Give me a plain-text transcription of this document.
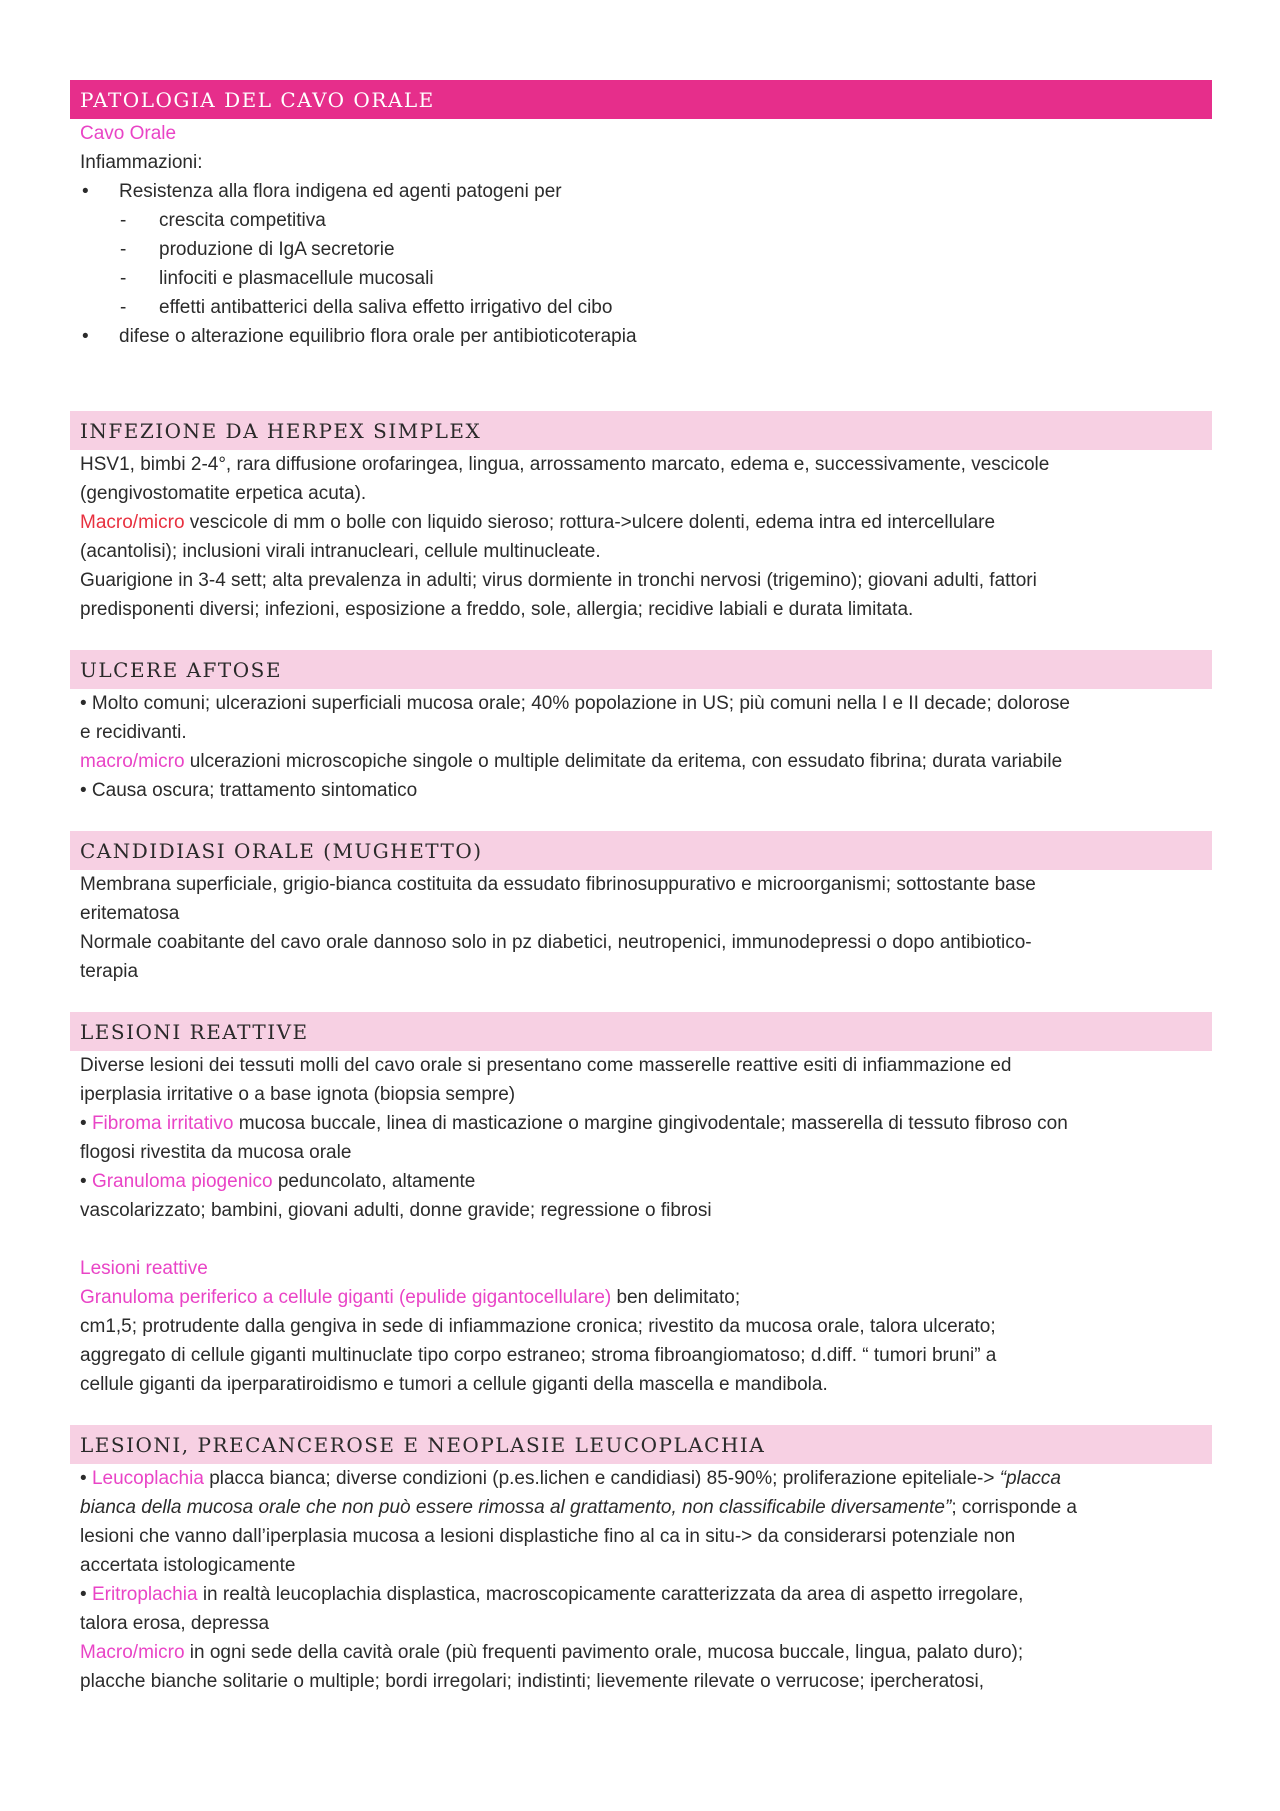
PATOLOGIA DEL CAVO ORALE
Cavo Orale
Infiammazioni:
•	Resistenza alla flora indigena ed agenti patogeni per
-	crescita competitiva
-	produzione di IgA secretorie
-	linfociti e plasmacellule mucosali
-	effetti antibatterici della saliva effetto irrigativo del cibo
•	difese o alterazione equilibrio flora orale per antibioticoterapia
INFEZIONE DA HERPEX SIMPLEX
HSV1, bimbi 2-4°, rara diffusione orofaringea, lingua, arrossamento marcato, edema e, successivamente, vescicole
(gengivostomatite erpetica acuta).
Macro/micro vescicole di mm o bolle con liquido sieroso; rottura->ulcere dolenti, edema intra ed intercellulare
(acantolisi); inclusioni virali intranucleari, cellule multinucleate.
Guarigione in 3-4 sett; alta prevalenza in adulti; virus dormiente in tronchi nervosi (trigemino); giovani adulti, fattori
predisponenti diversi; infezioni, esposizione a freddo, sole, allergia; recidive labiali e durata limitata.
ULCERE AFTOSE
• Molto comuni; ulcerazioni superficiali mucosa orale; 40% popolazione in US; più comuni nella I e II decade; dolorose
e recidivanti.
macro/micro ulcerazioni microscopiche singole o multiple delimitate da eritema, con essudato fibrina; durata variabile
• Causa oscura; trattamento sintomatico
CANDIDIASI ORALE (MUGHETTO)
Membrana superficiale, grigio-bianca costituita da essudato fibrinosuppurativo e microorganismi; sottostante base
eritematosa
Normale coabitante del cavo orale dannoso solo in pz diabetici, neutropenici, immunodepressi o dopo antibiotico-
terapia
LESIONI REATTIVE
Diverse lesioni dei tessuti molli del cavo orale si presentano come masserelle reattive esiti di infiammazione ed
iperplasia irritative o a base ignota (biopsia sempre)
• Fibroma irritativo mucosa buccale, linea di masticazione o margine gingivodentale; masserella di tessuto fibroso con
flogosi rivestita da mucosa orale
• Granuloma piogenico peduncolato, altamente
vascolarizzato; bambini, giovani adulti, donne gravide; regressione o fibrosi
Lesioni reattive
Granuloma periferico a cellule giganti (epulide gigantocellulare) ben delimitato;
cm1,5; protrudente dalla gengiva in sede di infiammazione cronica; rivestito da mucosa orale, talora ulcerato;
aggregato di cellule giganti multinuclate tipo corpo estraneo; stroma fibroangiomatoso; d.diff. “ tumori bruni” a
cellule giganti da iperparatiroidismo e tumori a cellule giganti della mascella e mandibola.
LESIONI, PRECANCEROSE E NEOPLASIE LEUCOPLACHIA
• Leucoplachia placca bianca; diverse condizioni (p.es.lichen e candidiasi) 85-90%; proliferazione epiteliale-> “placca
bianca della mucosa orale che non può essere rimossa al grattamento, non classificabile diversamente”; corrisponde a
lesioni che vanno dall’iperplasia mucosa a lesioni displastiche fino al ca in situ-> da considerarsi potenziale non
accertata istologicamente
• Eritroplachia in realtà leucoplachia displastica, macroscopicamente caratterizzata da area di aspetto irregolare,
talora erosa, depressa
Macro/micro in ogni sede della cavità orale (più frequenti pavimento orale, mucosa buccale, lingua, palato duro);
placche bianche solitarie o multiple; bordi irregolari; indistinti; lievemente rilevate o verrucose; ipercheratosi,
